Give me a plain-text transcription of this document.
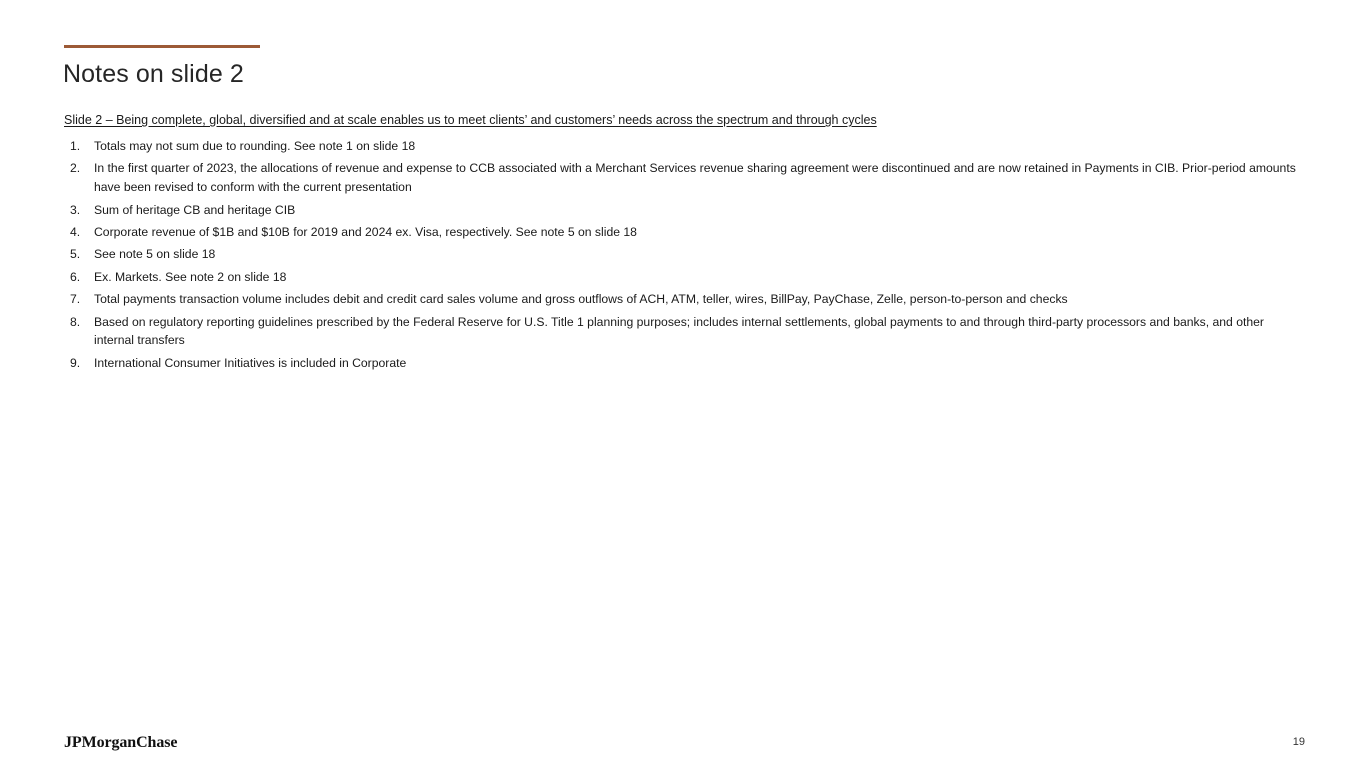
Notes on slide 2
Slide 2 – Being complete, global, diversified and at scale enables us to meet clients’ and customers’ needs across the spectrum and through cycles
Totals may not sum due to rounding. See note 1 on slide 18
In the first quarter of 2023, the allocations of revenue and expense to CCB associated with a Merchant Services revenue sharing agreement were discontinued and are now retained in Payments in CIB. Prior-period amounts have been revised to conform with the current presentation
Sum of heritage CB and heritage CIB
Corporate revenue of $1B and $10B for 2019 and 2024 ex. Visa, respectively. See note 5 on slide 18
See note 5 on slide 18
Ex. Markets. See note 2 on slide 18
Total payments transaction volume includes debit and credit card sales volume and gross outflows of ACH, ATM, teller, wires, BillPay, PayChase, Zelle, person-to-person and checks
Based on regulatory reporting guidelines prescribed by the Federal Reserve for U.S. Title 1 planning purposes; includes internal settlements, global payments to and through third-party processors and banks, and other internal transfers
International Consumer Initiatives is included in Corporate
JPMorganChase	19
